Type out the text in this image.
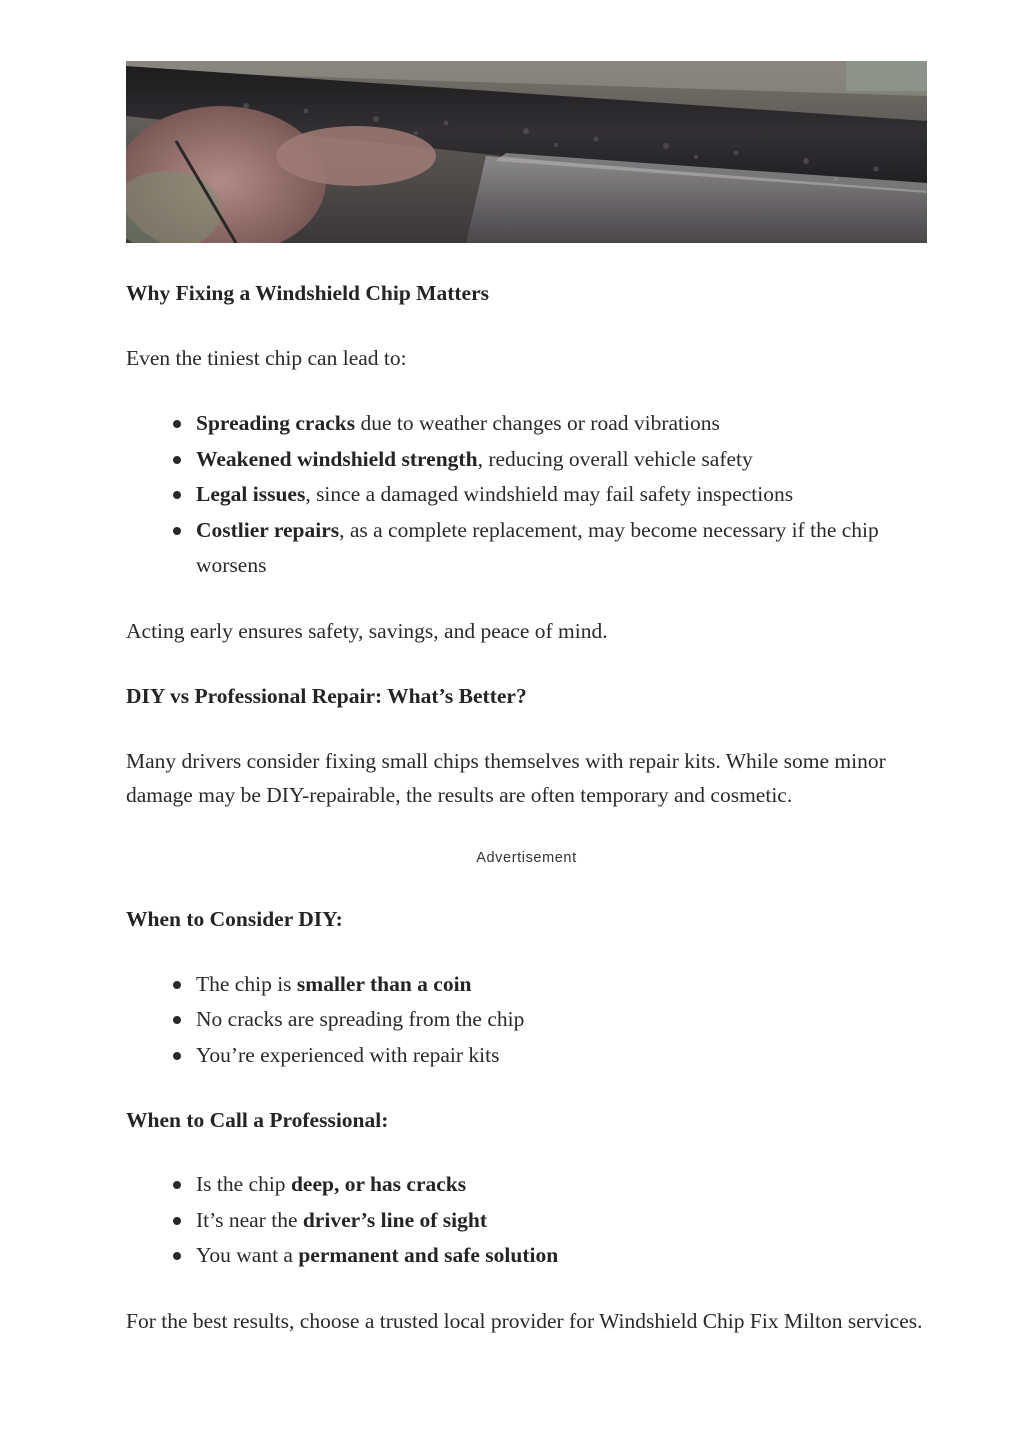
Why Fixing a Windshield Chip Matters

Even the tiniest chip can lead to:

Spreading cracks due to weather changes or road vibrations
Weakened windshield strength, reducing overall vehicle safety
Legal issues, since a damaged windshield may fail safety inspections
Costlier repairs, as a complete replacement, may become necessary if the chip worsens

Acting early ensures safety, savings, and peace of mind.

DIY vs Professional Repair: What’s Better?

Many drivers consider fixing small chips themselves with repair kits. While some minor damage may be DIY-repairable, the results are often temporary and cosmetic.

Advertisement
When to Consider DIY:
The chip is smaller than a coin
No cracks are spreading from the chip
You’re experienced with repair kits
When to Call a Professional:
Is the chip deep, or has cracks
It’s near the driver’s line of sight
You want a permanent and safe solution

For the best results, choose a trusted local provider for Windshield Chip Fix Milton services.
